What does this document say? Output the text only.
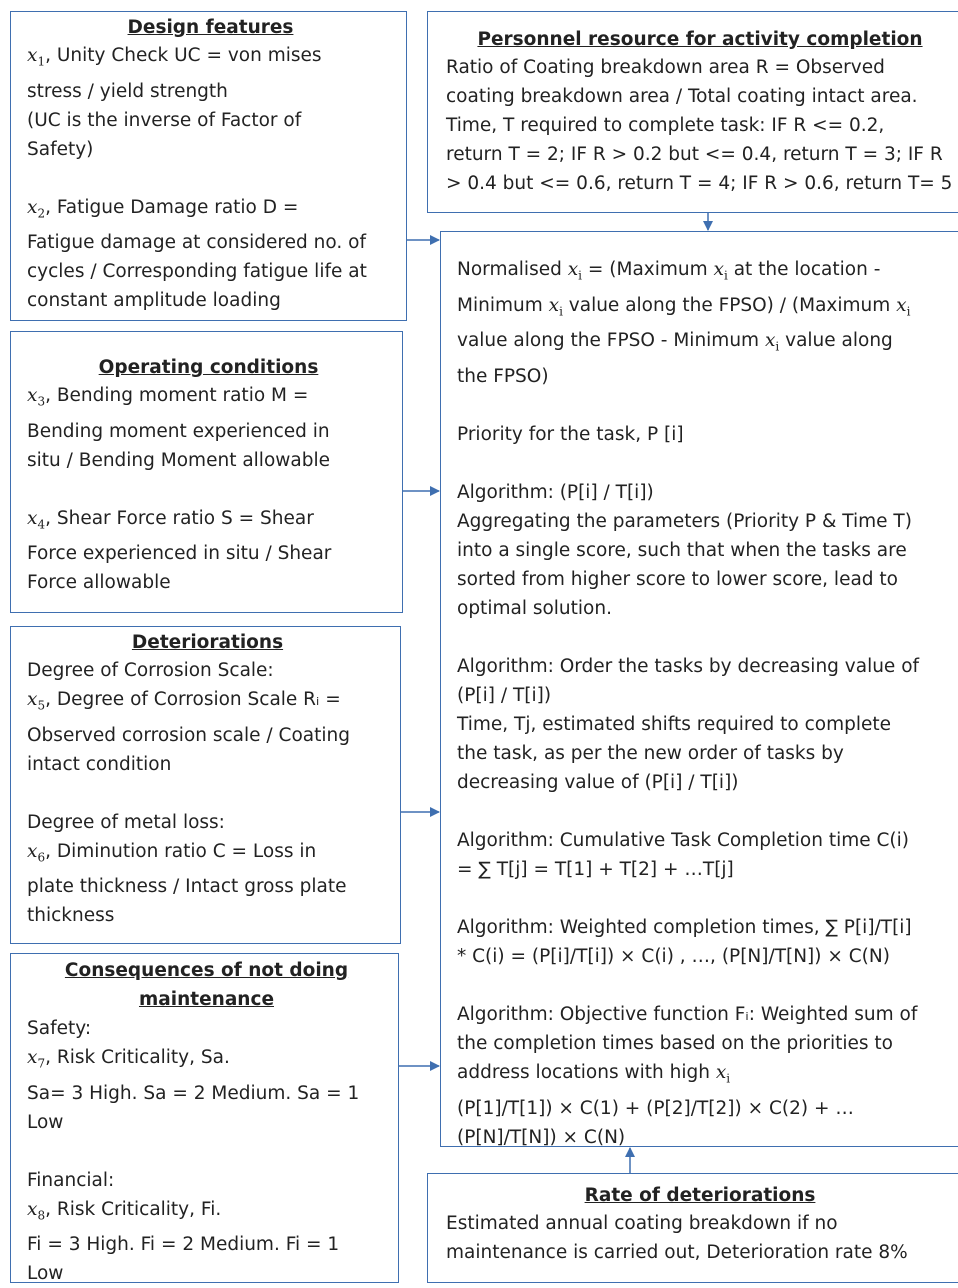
Design features
$x_1$, Unity Check UC = von mises
stress / yield strength
(UC is the inverse of Factor of
Safety)
$x_2$, Fatigue Damage ratio D =
Fatigue damage at considered no. of
cycles / Corresponding fatigue life at
constant amplitude loading
Operating conditions
$x_3$, Bending moment ratio M =
Bending moment experienced in
situ / Bending Moment allowable
$x_4$, Shear Force ratio S = Shear
Force experienced in situ / Shear
Force allowable
Deteriorations
Degree of Corrosion Scale:
$x_5$, Degree of Corrosion Scale Rᵢ =
Observed corrosion scale / Coating
intact condition
Degree of metal loss:
$x_6$, Diminution ratio C = Loss in
plate thickness / Intact gross plate
thickness
Consequences of not doing
maintenance
Safety:
$x_7$, Risk Criticality, Sa.
Sa= 3 High. Sa = 2 Medium. Sa = 1
Low
Financial:
$x_8$, Risk Criticality, Fi.
Fi = 3 High. Fi = 2 Medium. Fi = 1
Low
Personnel resource for activity completion
Ratio of Coating breakdown area R = Observed
coating breakdown area / Total coating intact area.
Time, T required to complete task: IF R <= 0.2,
return T = 2; IF R > 0.2 but <= 0.4, return T = 3; IF R
> 0.4 but <= 0.6, return T = 4; IF R > 0.6, return T= 5
Normalised $x_i$ = (Maximum $x_i$ at the location -
Minimum $x_i$ value along the FPSO) / (Maximum $x_i$
value along the FPSO - Minimum $x_i$ value along
the FPSO)
Priority for the task, P [i]
Algorithm: (P[i] / T[i])
Aggregating the parameters (Priority P & Time T)
into a single score, such that when the tasks are
sorted from higher score to lower score, lead to
optimal solution.
Algorithm: Order the tasks by decreasing value of
(P[i] / T[i])
Time, Tj, estimated shifts required to complete
the task, as per the new order of tasks by
decreasing value of (P[i] / T[i])
Algorithm: Cumulative Task Completion time C(i)
= ∑ T[j] = T[1] + T[2] + …T[j]
Algorithm: Weighted completion times, ∑ P[i]/T[i]
* C(i) = (P[i]/T[i]) × C(i) , …, (P[N]/T[N]) × C(N)
Algorithm: Objective function Fᵢ: Weighted sum of
the completion times based on the priorities to
address locations with high $x_i$
(P[1]/T[1]) × C(1) + (P[2]/T[2]) × C(2) + …
(P[N]/T[N]) × C(N)
Rate of deteriorations
Estimated annual coating breakdown if no
maintenance is carried out, Deterioration rate 8%
